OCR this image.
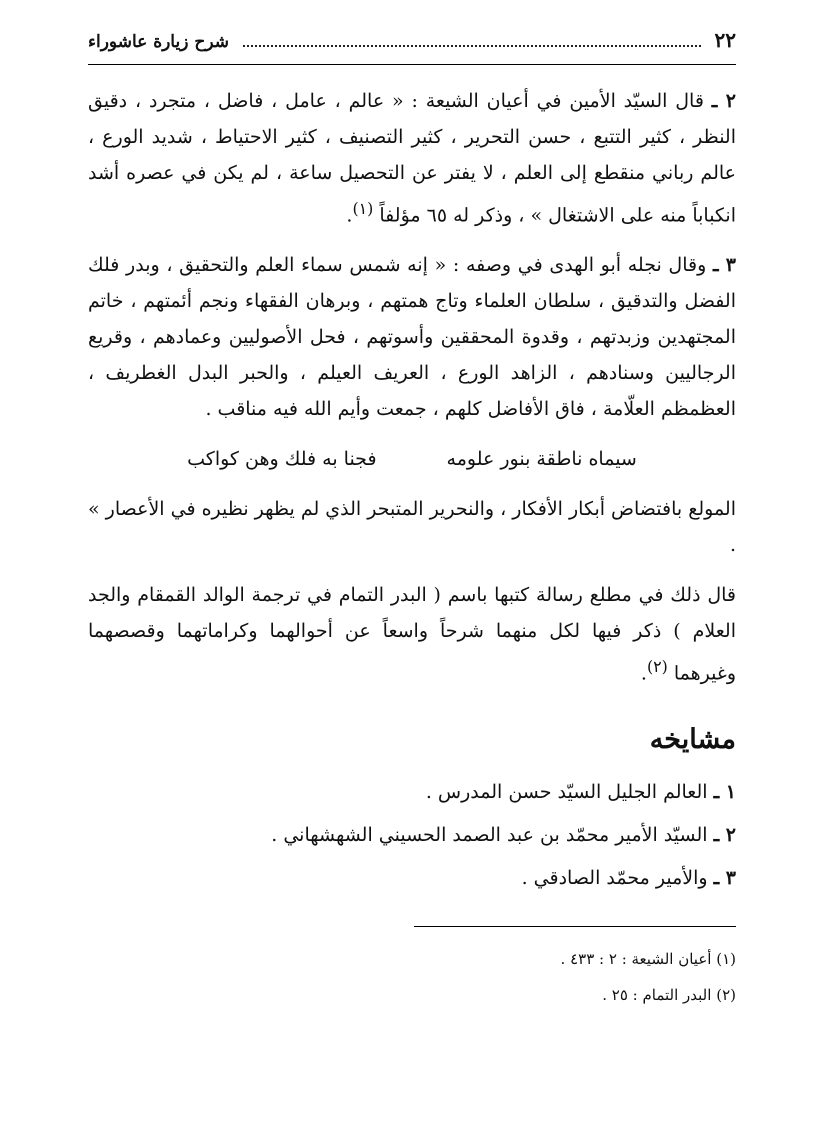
٢٢
شرح زيارة عاشوراء

٢ ـ قال السيّد الأمين في أعيان الشيعة : « عالم ، عامل ، فاضل ، متجرد ، دقيق النظر ، كثير التتبع ، حسن التحرير ، كثير التصنيف ، كثير الاحتياط ، شديد الورع ، عالم رباني منقطع إلى العلم ، لا يفتر عن التحصيل ساعة ، لم يكن في عصره أشد انكباباً منه على الاشتغال » ، وذكر له ٦٥ مؤلفاً $^{(١)}$.

٣ ـ وقال نجله أبو الهدى في وصفه : « إنه شمس سماء العلم والتحقيق ، وبدر فلك الفضل والتدقيق ، سلطان العلماء وتاج همتهم ، وبرهان الفقهاء ونجم أئمتهم ، خاتم المجتهدين وزبدتهم ، وقدوة المحققين وأسوتهم ، فحل الأصوليين وعمادهم ، وقريع الرجاليين وسنادهم ، الزاهد الورع ، العريف العيلم ، والحبر البدل الغطريف ، العظمظم العلّامة ، فاق الأفاضل كلهم ، جمعت وأيم الله فيه مناقب .

سيماه ناطقة بنور علومه
فجنا به فلك وهن كواكب

المولع بافتضاض أبكار الأفكار ، والنحرير المتبحر الذي لم يظهر نظيره في الأعصار » .

قال ذلك في مطلع رسالة كتبها باسم ( البدر التمام في ترجمة الوالد القمقام والجد العلام ) ذكر فيها لكل منهما شرحاً واسعاً عن أحوالهما وكراماتهما وقصصهما وغيرهما $^{(٢)}$.

مشايخه
١ ـ العالم الجليل السيّد حسن المدرس .
٢ ـ السيّد الأمير محمّد بن عبد الصمد الحسيني الشهشهاني .
٣ ـ والأمير محمّد الصادقي .
(١) أعيان الشيعة : ٢ : ٤٣٣ .
(٢) البدر التمام : ٢٥ .
